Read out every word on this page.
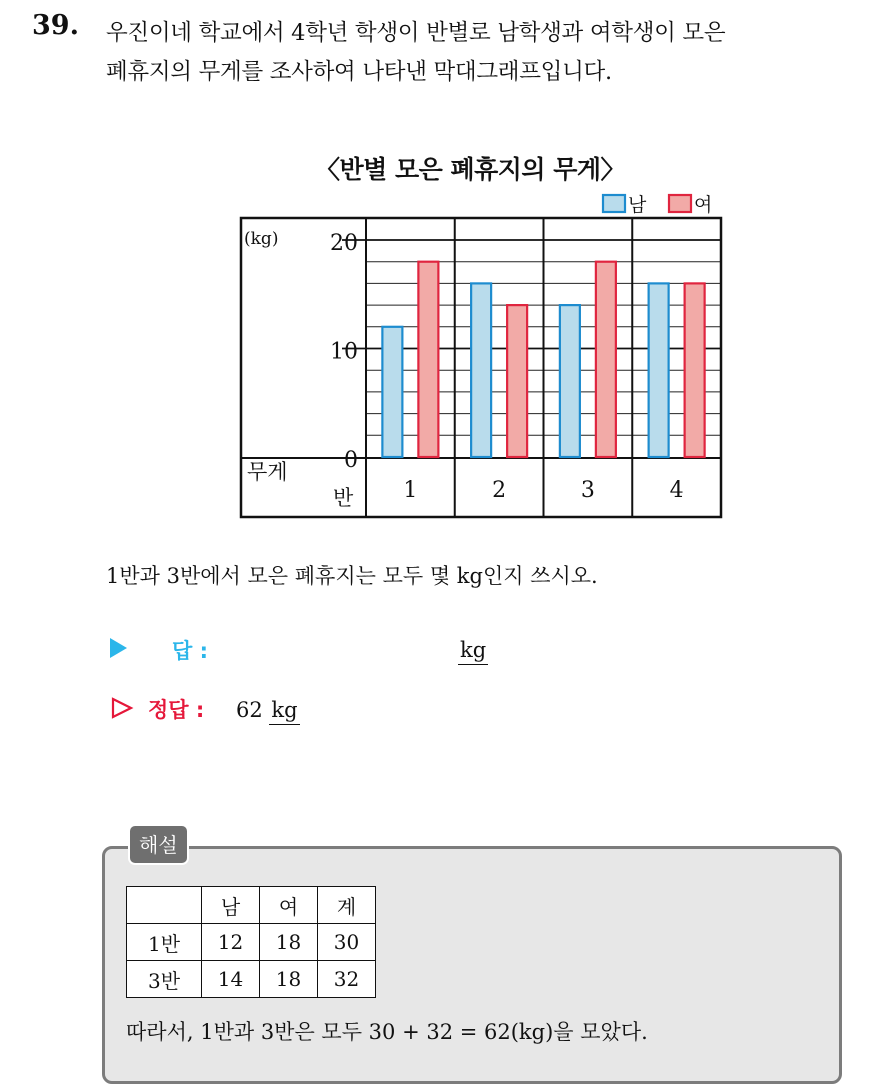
39. 우진이네 학교에서 4학년 학생이 반별로 남학생과 여학생이 모은
폐휴지의 무게를 조사하여 나타낸 막대그래프입니다.
〈반별 모은 폐휴지의 무게〉
0
10
20
(kg)
1	2	3	4
무게
반
남	여
1반과 3반에서 모은 폐휴지는 모두 몇 kg인지 쓰시오.
답 :	kg
정답 : 62 kg
해설
	남	여	계
1반	12	18	30
3반	14	18	32
따라서, 1반과 3반은 모두 30 + 32 = 62(kg)을 모았다.
